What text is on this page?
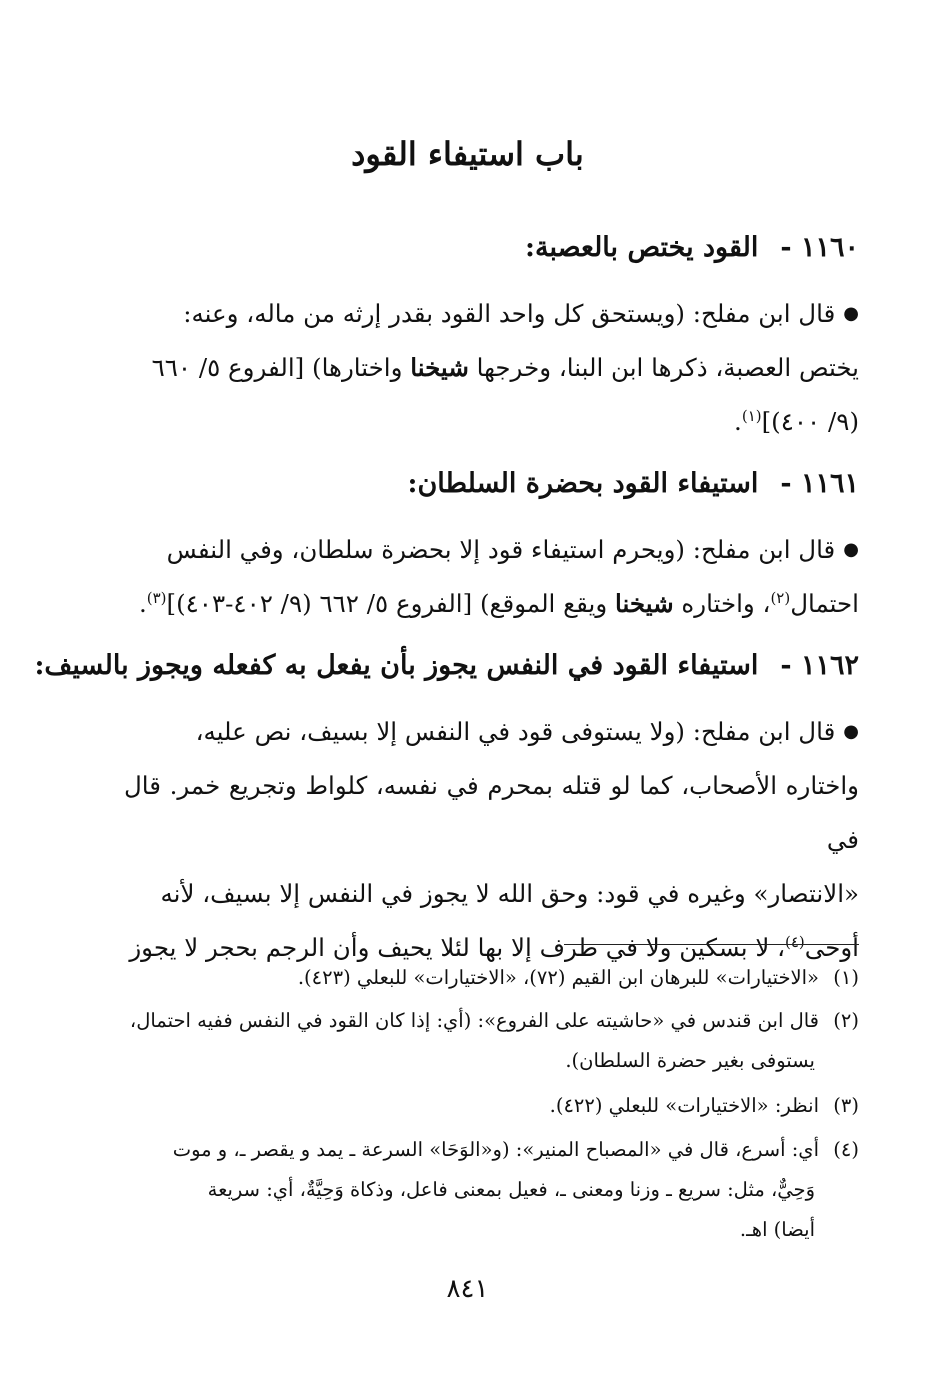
باب استيفاء القود
١١٦٠ -القود يختص بالعصبة:

●قال ابن مفلح: (ويستحق كل واحد القود بقدر إرثه من ماله، وعنه:

يختص العصبة، ذكرها ابن البنا، وخرجها شيخنا واختارها) [الفروع ٥/ ٦٦٠

(٩/ ٤٠٠)]$^{(١)}$.

١١٦١ -استيفاء القود بحضرة السلطان:

●قال ابن مفلح: (ويحرم استيفاء قود إلا بحضرة سلطان، وفي النفس

احتمال$^{(٢)}$، واختاره شيخنا ويقع الموقع) [الفروع ٥/ ٦٦٢ (٩/ ٤٠٢-٤٠٣)]$^{(٣)}$.

١١٦٢ -استيفاء القود في النفس يجوز بأن يفعل به كفعله ويجوز بالسيف:

●قال ابن مفلح: (ولا يستوفى قود في النفس إلا بسيف، نص عليه،

واختاره الأصحاب، كما لو قتله بمحرم في نفسه، كلواط وتجريع خمر. قال في

«الانتصار» وغيره في قود: وحق الله لا يجوز في النفس إلا بسيف، لأنه

أوحى$^{(٤)}$، لا بسكين ولا في طرف إلا بها لئلا يحيف وأن الرجم بحجر لا يجوز

(١)«الاختيارات» للبرهان ابن القيم (٧٢)، «الاختيارات» للبعلي (٤٢٣).
(٢)قال ابن قندس في «حاشيته على الفروع»: (أي: إذا كان القود في النفس ففيه احتمال،
يستوفى بغير حضرة السلطان).
(٣)انظر: «الاختيارات» للبعلي (٤٢٢).
(٤)أي: أسرع، قال في «المصباح المنير»: (و«الوَحَا» السرعة ـ يمد و يقصر ـ، و موت
وَحِيٌّ، مثل: سريع ـ وزنا ومعنى ـ، فعيل بمعنى فاعل، وذكاة وَحِيَّةٌ، أي: سريعة
أيضا) اهـ.
٨٤١
